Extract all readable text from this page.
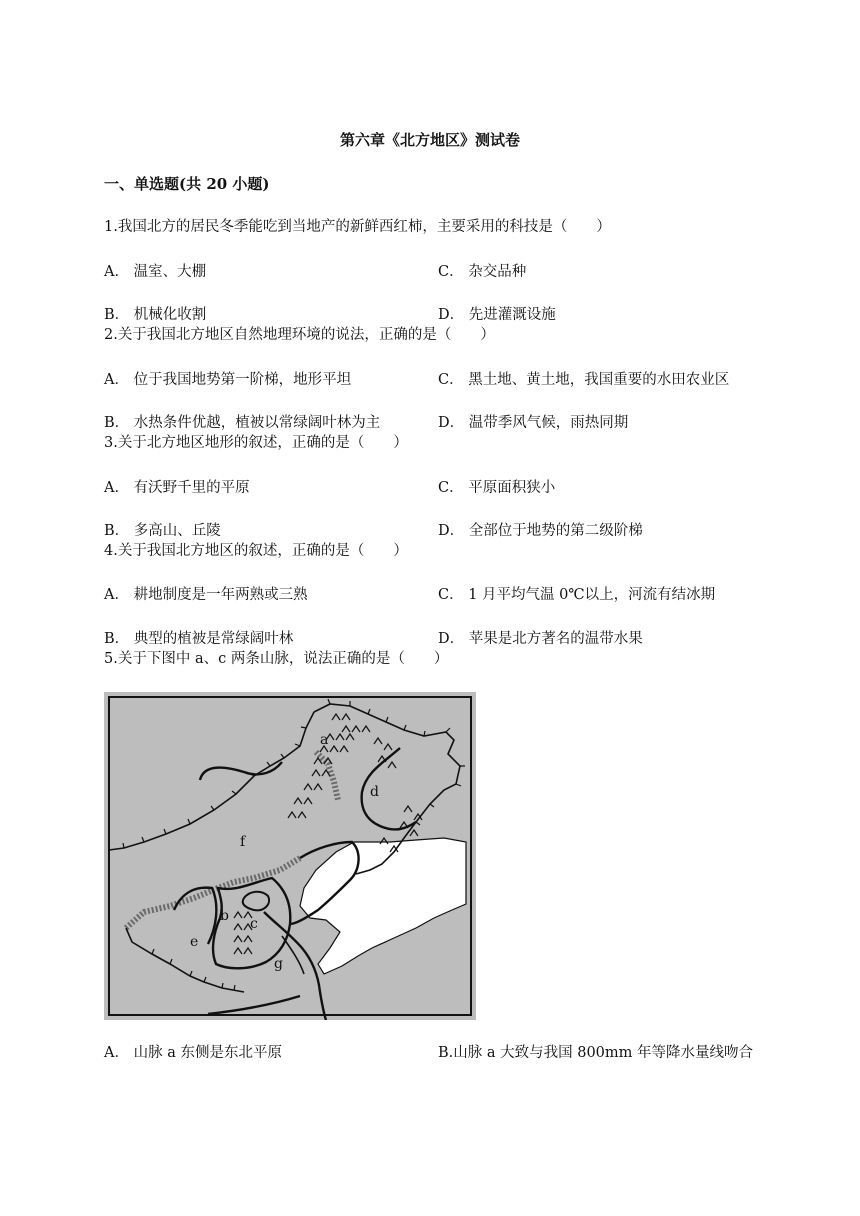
第六章《北方地区》测试卷
一、单选题(共 20 小题)
1.我国北方的居民冬季能吃到当地产的新鲜西红柿，主要采用的科技是（　　）
A． 温室、大棚	C． 杂交品种
B． 机械化收割	D． 先进灌溉设施
2.关于我国北方地区自然地理环境的说法，正确的是（　　）
A． 位于我国地势第一阶梯，地形平坦	C． 黑土地、黄土地，我国重要的水田农业区
B． 水热条件优越，植被以常绿阔叶林为主	D． 温带季风气候，雨热同期
3.关于北方地区地形的叙述，正确的是（　　）
A． 有沃野千里的平原	C． 平原面积狭小
B． 多高山、丘陵	D． 全部位于地势的第二级阶梯
4.关于我国北方地区的叙述，正确的是（　　）
A． 耕地制度是一年两熟或三熟	C． 1 月平均气温 0℃以上，河流有结冰期
B． 典型的植被是常绿阔叶林	D． 苹果是北方著名的温带水果
5.关于下图中 a、c 两条山脉，说法正确的是（　　）
a
d
f
b c
e
g
A． 山脉 a 东侧是东北平原	B.山脉 a 大致与我国 800mm 年等降水量线吻合
